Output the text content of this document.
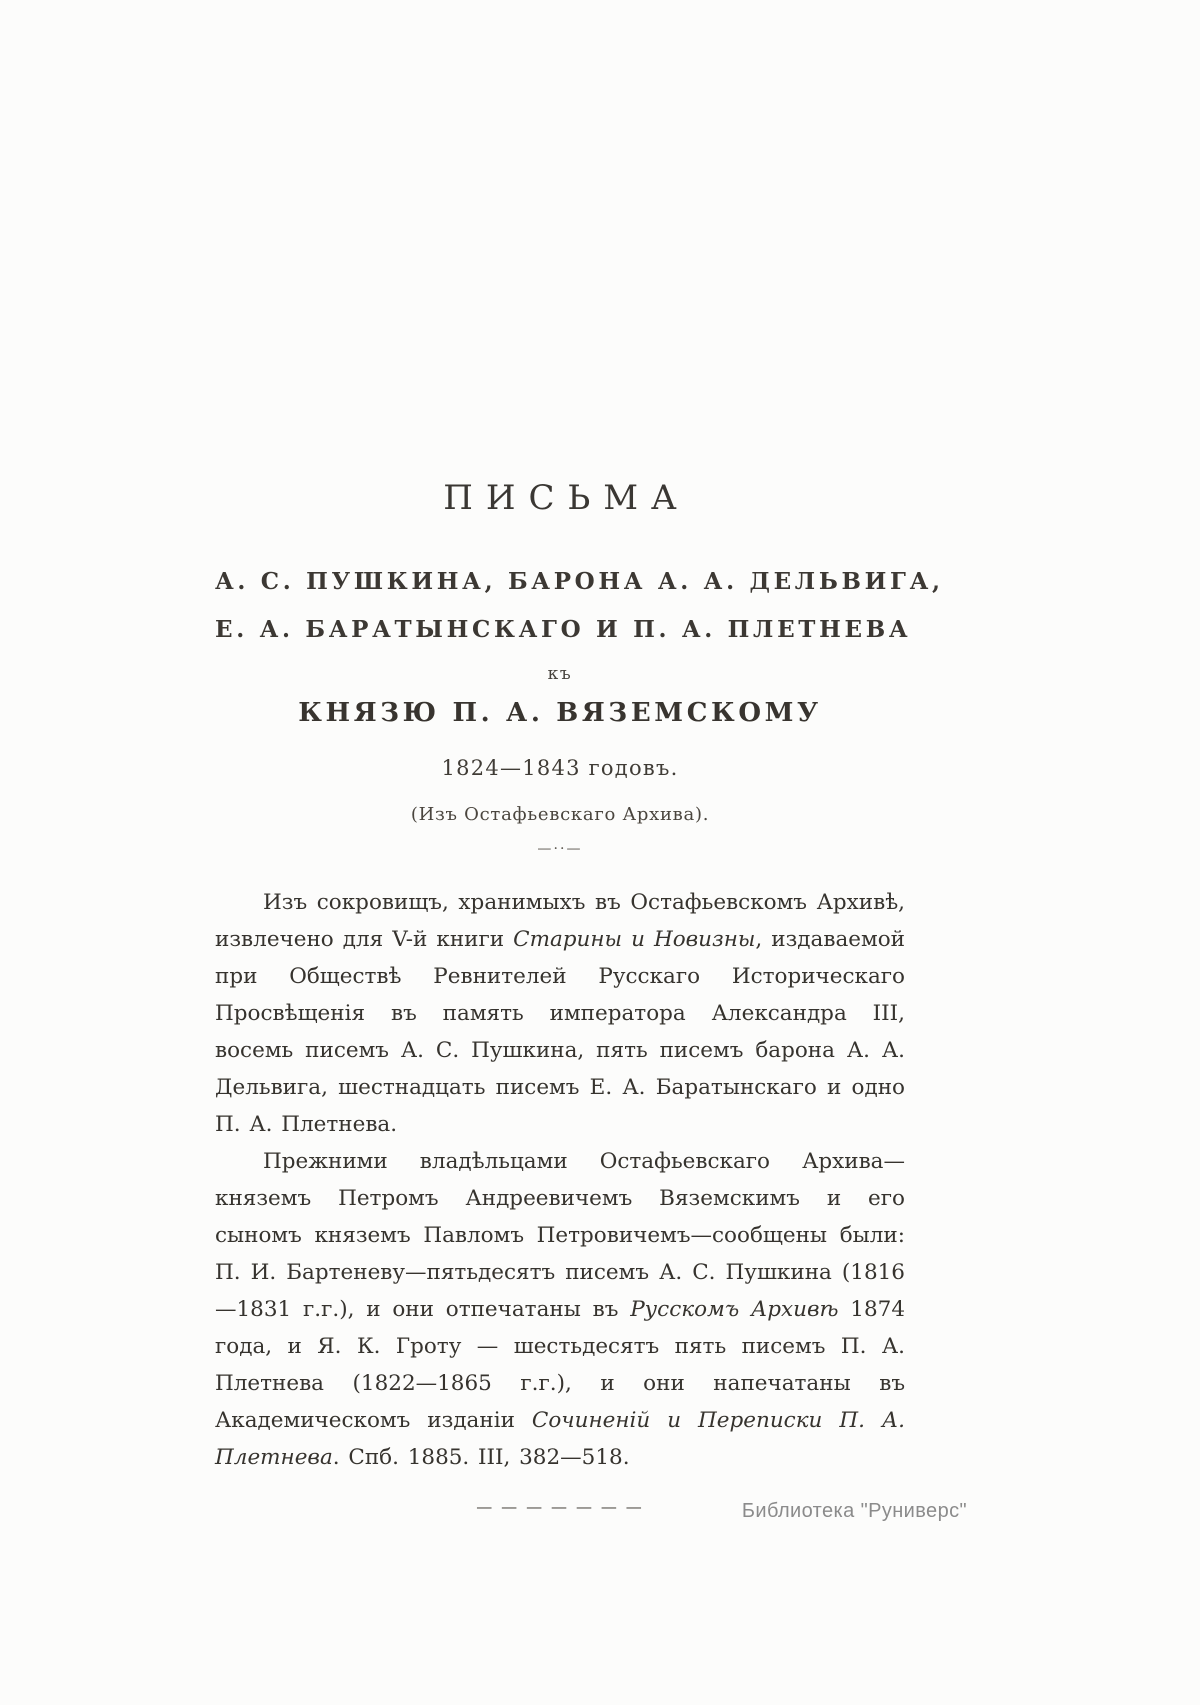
ПИСЬМА
А. С. ПУШКИНА, БАРОНА А. А. ДЕЛЬВИГА,
Е. А. БАРАТЫНСКАГО И П. А. ПЛЕТНЕВА
къ
КНЯЗЮ П. А. ВЯЗЕМСКОМУ
1824—1843 годовъ.
(Изъ Остафьевскаго Архива).
—··—

Изъ сокровищъ, хранимыхъ въ Остафьевскомъ Архивѣ, извлечено для V-й книги Старины и Новизны, издаваемой при Обществѣ Ревнителей Русскаго Историческаго Просвѣщенія въ память императора Александра III, восемь писемъ А. С. Пушкина, пять писемъ барона А. А. Дельвига, шестнадцать писемъ Е. А. Баратынскаго и одно П. А. Плетнева.

Прежними владѣльцами Остафьевскаго Архива—княземъ Петромъ Андреевичемъ Вяземскимъ и его сыномъ княземъ Павломъ Петровичемъ—сообщены были: П. И. Бартеневу—пятьдесятъ писемъ А. С. Пушкина (1816—1831 г.г.), и они отпечатаны въ Русскомъ Архивѣ 1874 года, и Я. К. Гроту — шестьдесятъ пять писемъ П. А. Плетнева (1822—1865 г.г.), и они напечатаны въ Академическомъ изданіи Сочиненій и Переписки П. А. Плетнева. Спб. 1885. III, 382—518.

— — — — — — —	Библиотека "Руниверс"
